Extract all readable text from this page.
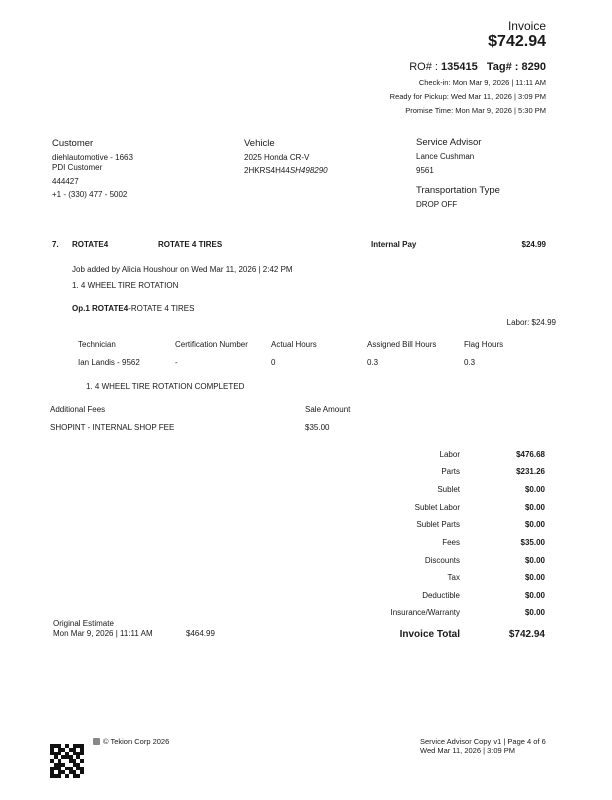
Invoice
$742.94
RO# : 135415 Tag# : 8290
Check-in: Mon Mar 9, 2026 | 11:11 AM
Ready for Pickup: Wed Mar 11, 2026 | 3:09 PM
Promise Time: Mon Mar 9, 2026 | 5:30 PM
Customer
diehlautomotive - 1663
PDI Customer
444427
+1 - (330) 477 - 5002
Vehicle
2025 Honda CR-V
2HKRS4H44SH498290
Service Advisor
Lance Cushman
9561
Transportation Type
DROP OFF
7. ROTATE4	ROTATE 4 TIRES	Internal Pay	$24.99
Job added by Alicia Houshour on Wed Mar 11, 2026 | 2:42 PM
1. 4 WHEEL TIRE ROTATION
Op.1 ROTATE4-ROTATE 4 TIRES
Labor: $24.99
Technician	Certification Number	Actual Hours	Assigned Bill Hours	Flag Hours
Ian Landis - 9562	-	0	0.3	0.3
1. 4 WHEEL TIRE ROTATION COMPLETED
Additional Fees	Sale Amount
SHOPINT - INTERNAL SHOP FEE	$35.00
Labor	$476.68
Parts	$231.26
Sublet	$0.00
Sublet Labor	$0.00
Sublet Parts	$0.00
Fees	$35.00
Discounts	$0.00
Tax	$0.00
Deductible	$0.00
Insurance/Warranty	$0.00
Invoice Total	$742.94
Original Estimate
Mon Mar 9, 2026 | 11:11 AM	$464.99
© Tekion Corp 2026	Service Advisor Copy v1 | Page 4 of 6
Wed Mar 11, 2026 | 3:09 PM
